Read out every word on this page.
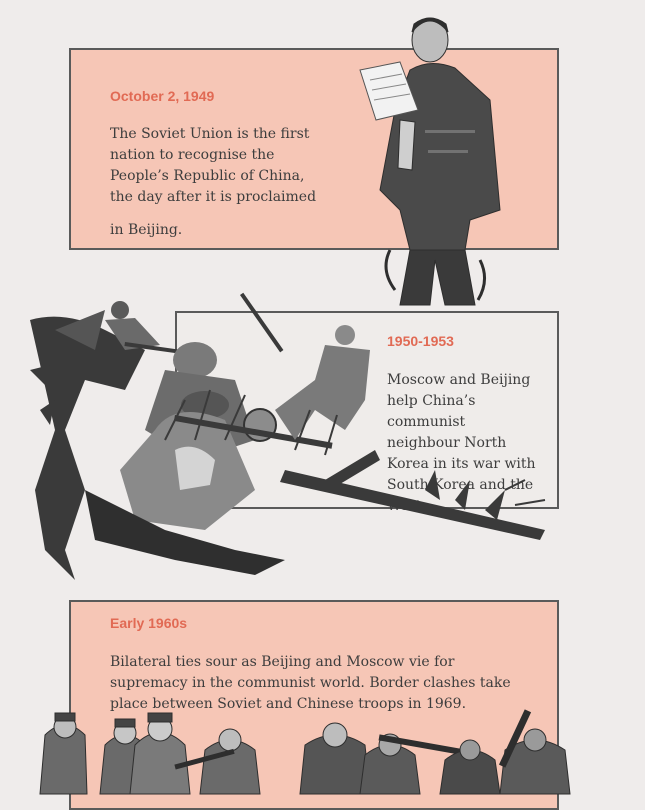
October 2, 1949
The Soviet Union is the first
nation to recognise the
People’s Republic of China,
the day after it is proclaimed
in Beijing.
1950-1953
Moscow and Beijing
help China’s
communist
neighbour North
Korea in its war with
South Korea and the
Early 1960s
Bilateral ties sour as Beijing and Moscow vie for
supremacy in the communist world. Border clashes take
place between Soviet and Chinese troops in 1969.
